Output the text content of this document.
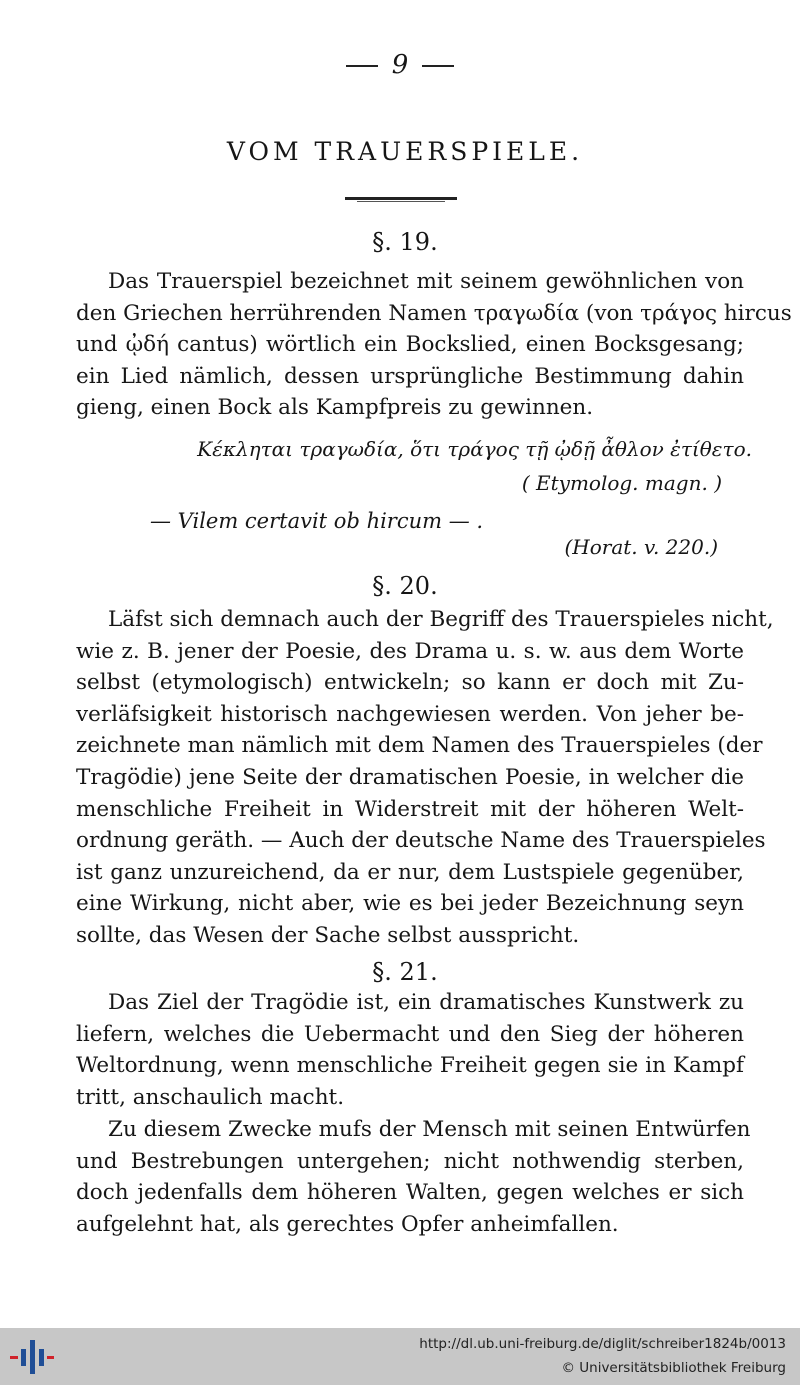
9
VOM TRAUERSPIELE.
§. 19.
Das Trauerspiel bezeichnet mit seinem gewöhnlichen von
den Griechen herrührenden Namen τραγωδία (von τράγος hircus
und ᾠδή cantus) wörtlich ein Bockslied, einen Bocksgesang;
ein Lied nämlich, dessen ursprüngliche Bestimmung dahin
gieng, einen Bock als Kampfpreis zu gewinnen.
Κέκληται τραγωδία, ὅτι τράγος τῇ ᾠδῇ ἆθλον ἐτίθετο.
( Etymolog. magn. )
— Vilem certavit ob hircum — .
(Horat. v. 220.)
§. 20.
Läfst sich demnach auch der Begriff des Trauerspieles nicht,
wie z. B. jener der Poesie, des Drama u. s. w. aus dem Worte
selbst (etymologisch) entwickeln; so kann er doch mit Zu-
verläfsigkeit historisch nachgewiesen werden. Von jeher be-
zeichnete man nämlich mit dem Namen des Trauerspieles (der
Tragödie) jene Seite der dramatischen Poesie, in welcher die
menschliche Freiheit in Widerstreit mit der höheren Welt-
ordnung geräth. — Auch der deutsche Name des Trauerspieles
ist ganz unzureichend, da er nur, dem Lustspiele gegenüber,
eine Wirkung, nicht aber, wie es bei jeder Bezeichnung seyn
sollte, das Wesen der Sache selbst ausspricht.
§. 21.
Das Ziel der Tragödie ist, ein dramatisches Kunstwerk zu
liefern, welches die Uebermacht und den Sieg der höheren
Weltordnung, wenn menschliche Freiheit gegen sie in Kampf
tritt, anschaulich macht.
Zu diesem Zwecke mufs der Mensch mit seinen Entwürfen
und Bestrebungen untergehen; nicht nothwendig sterben,
doch jedenfalls dem höheren Walten, gegen welches er sich
aufgelehnt hat, als gerechtes Opfer anheimfallen.
http://dl.ub.uni-freiburg.de/diglit/schreiber1824b/0013
© Universitätsbibliothek Freiburg
